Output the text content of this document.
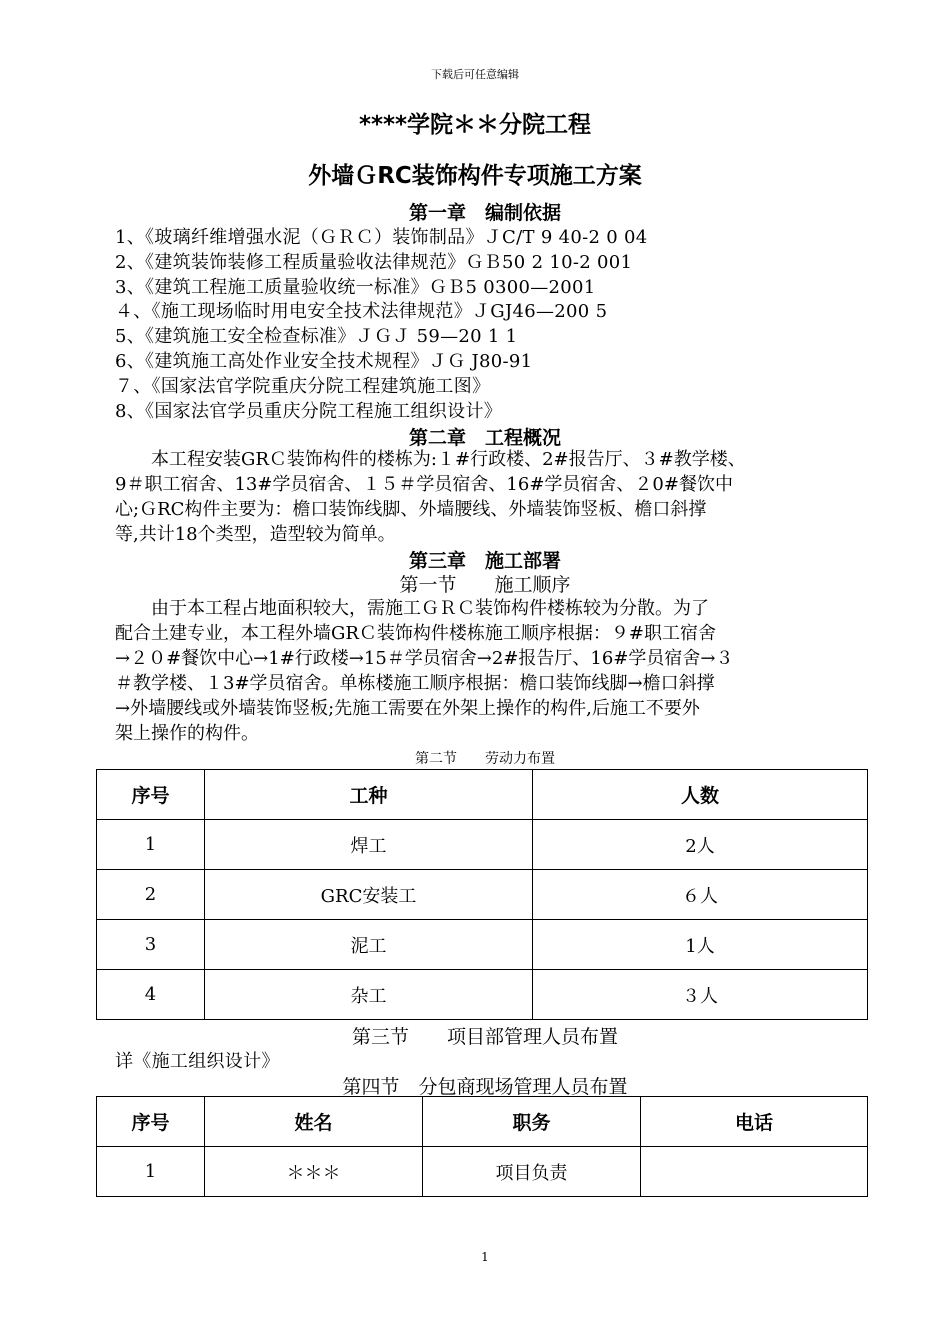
下载后可任意编辑
****学院＊＊分院工程
外墙ＧRC装饰构件专项施工方案
第一章　编制依据
1、《玻璃纤维增强水泥（ＧＲＣ）装饰制品》ＪC/T 9 40-2 0 04
2、《建筑装饰装修工程质量验收法律规范》ＧＢ50 2 10-2 001
3、《建筑工程施工质量验收统一标准》ＧＢ5 0300—2001
４、《施工现场临时用电安全技术法律规范》ＪGJ46—200 5
5、《建筑施工安全检查标准》ＪＧＪ 59—20 1 1
6、《建筑施工高处作业安全技术规程》ＪＧ J80-91
７、《国家法官学院重庆分院工程建筑施工图》
8、《国家法官学员重庆分院工程施工组织设计》
第二章　工程概况

　　本工程安装GRＣ装饰构件的楼栋为:１#行政楼、2#报告厅、３#教学楼、

9＃职工宿舍、13#学员宿舍、１５＃学员宿舍、16#学员宿舍、２0#餐饮中

心;ＧRC构件主要为：檐口装饰线脚、外墙腰线、外墙装饰竖板、檐口斜撑

等,共计18个类型，造型较为简单。

第三章　施工部署
第一节　　施工顺序

　　由于本工程占地面积较大，需施工ＧＲＣ装饰构件楼栋较为分散。为了

配合土建专业，本工程外墙GRＣ装饰构件楼栋施工顺序根据：９#职工宿舍

→２０#餐饮中心→1#行政楼→15＃学员宿舍→2#报告厅、16#学员宿舍→３

＃教学楼、１3#学员宿舍。单栋楼施工顺序根据：檐口装饰线脚→檐口斜撑

→外墙腰线或外墙装饰竖板;先施工需要在外架上操作的构件,后施工不要外

架上操作的构件。

第二节　　劳动力布置
序号	工种	人数
1	焊工	2人
2	GRC安装工	６人
3	泥工	1人
4	杂工	３人
第三节　　项目部管理人员布置
详《施工组织设计》
第四节　分包商现场管理人员布置
序号	姓名	职务	电话
1	＊＊＊	项目负责	
1
